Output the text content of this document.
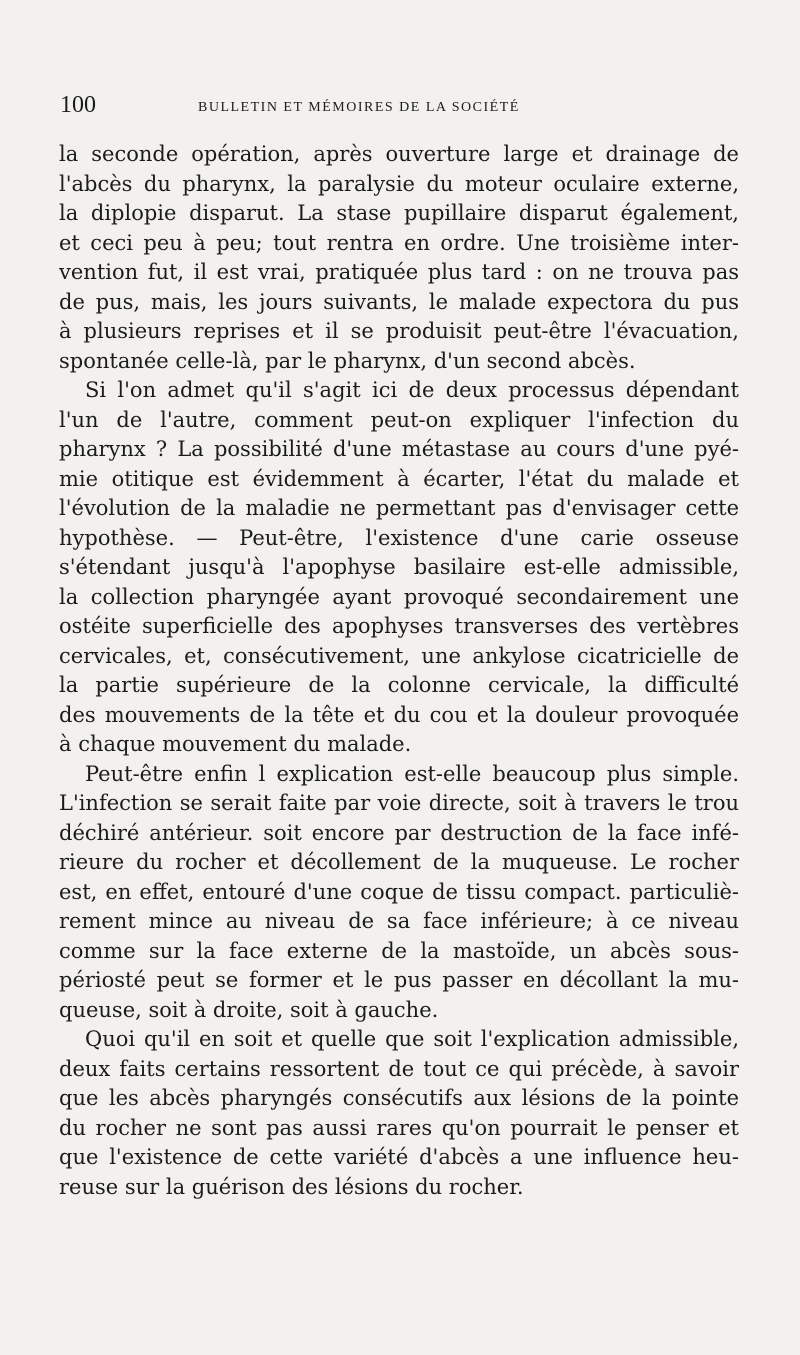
100	BULLETIN ET MÉMOIRES DE LA SOCIÉTÉ
la seconde opération, après ouverture large et drainage de
l'abcès du pharynx, la paralysie du moteur oculaire externe,
la diplopie disparut. La stase pupillaire disparut également,
et ceci peu à peu; tout rentra en ordre. Une troisième inter-
vention fut, il est vrai, pratiquée plus tard : on ne trouva pas
de pus, mais, les jours suivants, le malade expectora du pus
à plusieurs reprises et il se produisit peut-être l'évacuation,
spontanée celle-là, par le pharynx, d'un second abcès.
Si l'on admet qu'il s'agit ici de deux processus dépendant
l'un de l'autre, comment peut-on expliquer l'infection du
pharynx ? La possibilité d'une métastase au cours d'une pyé-
mie otitique est évidemment à écarter, l'état du malade et
l'évolution de la maladie ne permettant pas d'envisager cette
hypothèse. — Peut-être, l'existence d'une carie osseuse
s'étendant jusqu'à l'apophyse basilaire est-elle admissible,
la collection pharyngée ayant provoqué secondairement une
ostéite superficielle des apophyses transverses des vertèbres
cervicales, et, consécutivement, une ankylose cicatricielle de
la partie supérieure de la colonne cervicale, la difficulté
des mouvements de la tête et du cou et la douleur provoquée
à chaque mouvement du malade.
Peut-être enfin l explication est-elle beaucoup plus simple.
L'infection se serait faite par voie directe, soit à travers le trou
déchiré antérieur. soit encore par destruction de la face infé-
rieure du rocher et décollement de la muqueuse. Le rocher
est, en effet, entouré d'une coque de tissu compact. particuliè-
rement mince au niveau de sa face inférieure; à ce niveau
comme sur la face externe de la mastoïde, un abcès sous-
périosté peut se former et le pus passer en décollant la mu-
queuse, soit à droite, soit à gauche.
Quoi qu'il en soit et quelle que soit l'explication admissible,
deux faits certains ressortent de tout ce qui précède, à savoir
que les abcès pharyngés consécutifs aux lésions de la pointe
du rocher ne sont pas aussi rares qu'on pourrait le penser et
que l'existence de cette variété d'abcès a une influence heu-
reuse sur la guérison des lésions du rocher.
